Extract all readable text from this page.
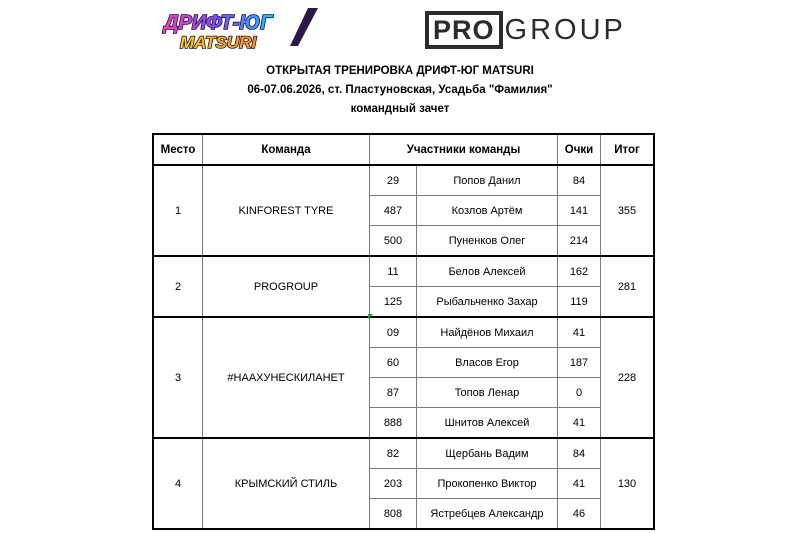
ДРИФТ-ЮГ
MATSURI	PRO GROUP
ОТКРЫТАЯ ТРЕНИРОВКА ДРИФТ-ЮГ MATSURI
06-07.06.2026, ст. Пластуновская, Усадьба "Фамилия"
командный зачет
Место	Команда	Участники команды		Очки	Итог
1	KINFOREST TYRE	29	Попов Данил	84	355
		487	Козлов Артём	141	
		500	Пуненков Олег	214	
2	PROGROUP	11	Белов Алексей	162	281
		125	Рыбальченко Захар	119	
3	#НААХУНЕСКИЛАНЕТ	09	Найдёнов Михаил	41	228
		60	Власов Егор	187	
		87	Топов Ленар	0	
		888	Шнитов Алексей	41	
4	КРЫМСКИЙ СТИЛЬ	82	Щербань Вадим	84	130
		203	Прокопенко Виктор	41	
		808	Ястребцев Александр	46	
